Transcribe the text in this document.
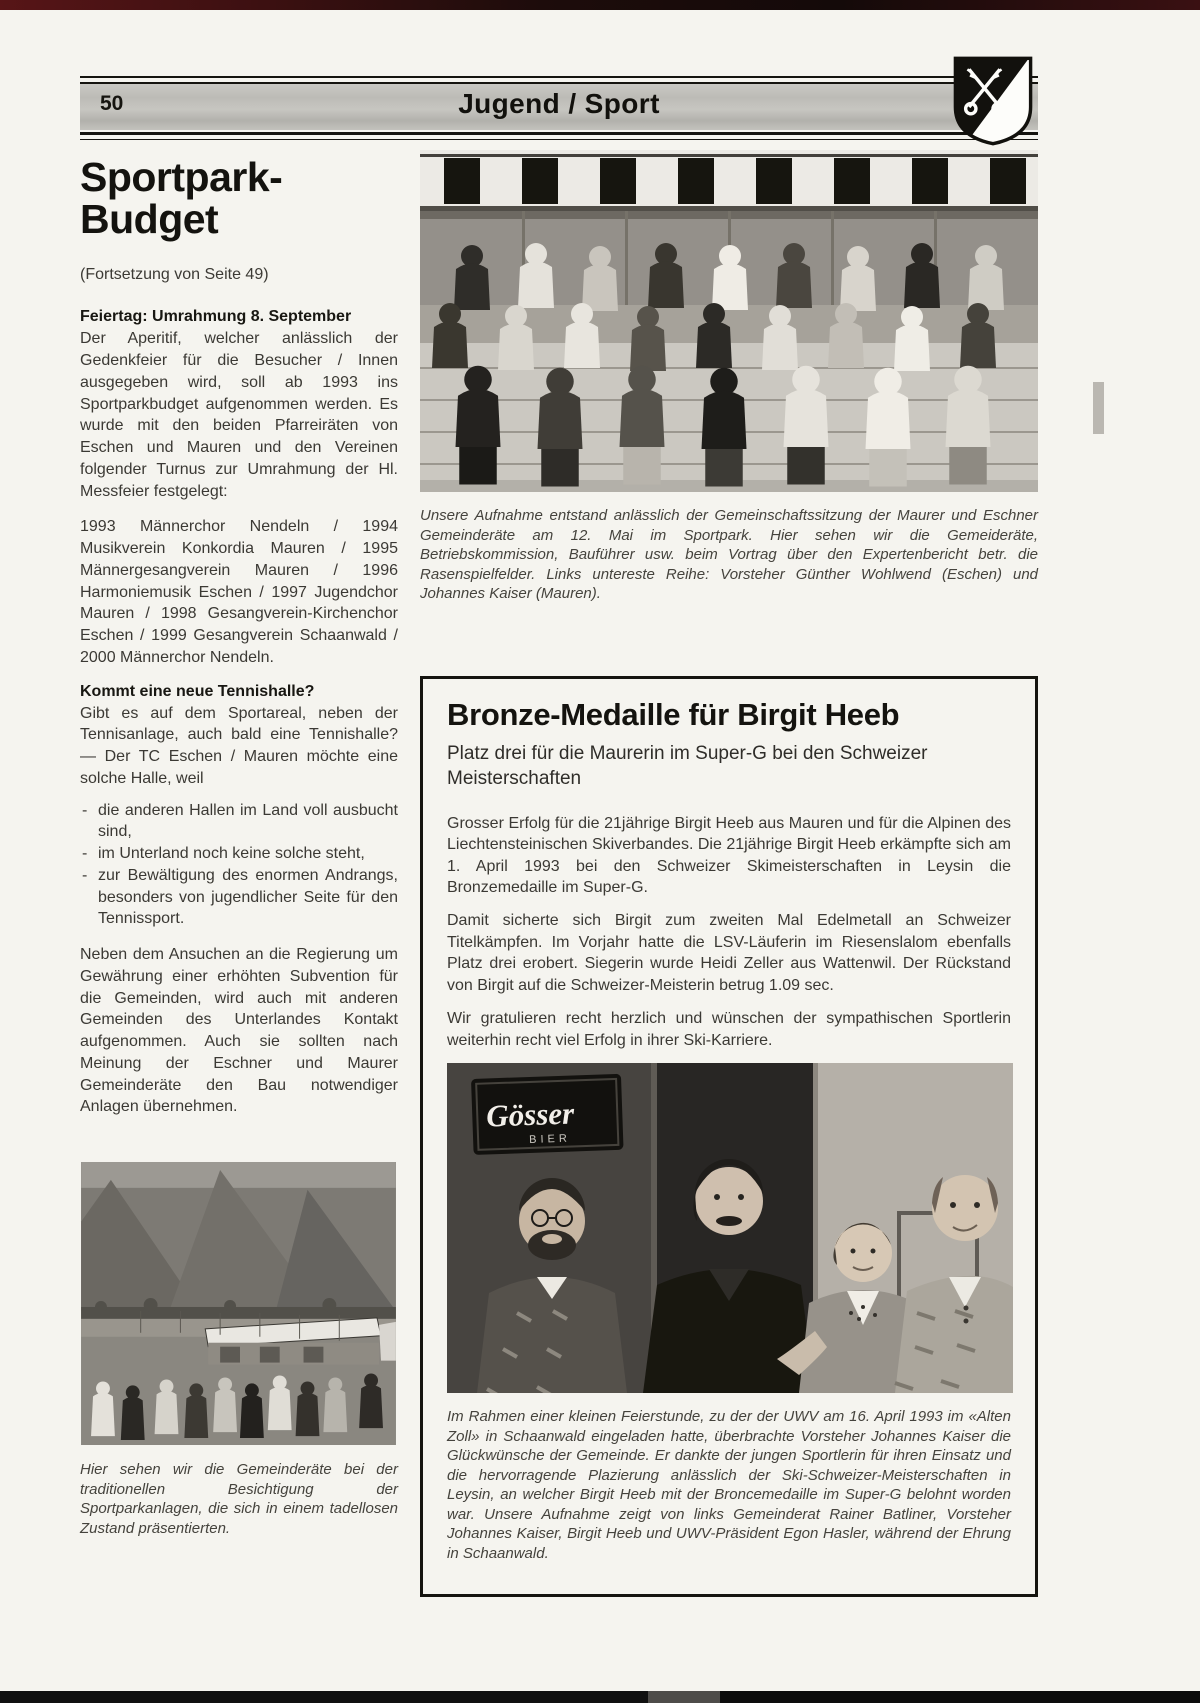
50	Jugend / Sport
Sportpark-Budget

(Fortsetzung von Seite 49)

Feiertag: Umrahmung 8. September

Der Aperitif, welcher anlässlich der Gedenkfeier für die Besucher / Innen ausgegeben wird, soll ab 1993 ins Sportparkbudget aufgenommen werden. Es wurde mit den beiden Pfarreiräten von Eschen und Mauren und den Vereinen folgender Turnus zur Umrahmung der Hl. Messfeier festgelegt:

1993 Männerchor Nendeln / 1994 Musikverein Konkordia Mauren / 1995 Männergesangverein Mauren / 1996 Harmoniemusik Eschen / 1997 Jugendchor Mauren / 1998 Gesangverein-Kirchenchor Eschen / 1999 Gesangverein Schaanwald / 2000 Männerchor Nendeln.

Kommt eine neue Tennishalle?

Gibt es auf dem Sportareal, neben der Tennisanlage, auch bald eine Tennishalle? — Der TC Eschen / Mauren möchte eine solche Halle, weil

- die anderen Hallen im Land voll ausbucht sind,
- im Unterland noch keine solche steht,
- zur Bewältigung des enormen Andrangs, besonders von jugendlicher Seite für den Tennissport.

Neben dem Ansuchen an die Regierung um Gewährung einer erhöhten Subvention für die Gemeinden, wird auch mit anderen Gemeinden des Unterlandes Kontakt aufgenommen. Auch sie sollten nach Meinung der Eschner und Maurer Gemeinderäte den Bau notwendiger Anlagen übernehmen.

Hier sehen wir die Gemeinderäte bei der traditionellen Besichtigung der Sportparkanlagen, die sich in einem tadellosen Zustand präsentierten.

Unsere Aufnahme entstand anlässlich der Gemeinschaftssitzung der Maurer und Eschner Gemeinderäte am 12. Mai im Sportpark. Hier sehen wir die Gemeideräte, Betriebskommission, Bauführer usw. beim Vortrag über den Expertenbericht betr. die Rasenspielfelder. Links untereste Reihe: Vorsteher Günther Wohlwend (Eschen) und Johannes Kaiser (Mauren).

Bronze-Medaille für Birgit Heeb

Platz drei für die Maurerin im Super-G bei den Schweizer Meisterschaften

Grosser Erfolg für die 21jährige Birgit Heeb aus Mauren und für die Alpinen des Liechtensteinischen Skiverbandes. Die 21jährige Birgit Heeb erkämpfte sich am 1. April 1993 bei den Schweizer Skimeisterschaften in Leysin die Bronzemedaille im Super-G.

Damit sicherte sich Birgit zum zweiten Mal Edelmetall an Schweizer Titelkämpfen. Im Vorjahr hatte die LSV-Läuferin im Riesenslalom ebenfalls Platz drei erobert. Siegerin wurde Heidi Zeller aus Wattenwil. Der Rückstand von Birgit auf die Schweizer-Meisterin betrug 1.09 sec.

Wir gratulieren recht herzlich und wünschen der sympathischen Sportlerin weiterhin recht viel Erfolg in ihrer Ski-Karriere.

Gösser
BIER

Im Rahmen einer kleinen Feierstunde, zu der der UWV am 16. April 1993 im «Alten Zoll» in Schaanwald eingeladen hatte, überbrachte Vorsteher Johannes Kaiser die Glückwünsche der Gemeinde. Er dankte der jungen Sportlerin für ihren Einsatz und die hervorragende Plazierung anlässlich der Ski-Schweizer-Meisterschaften in Leysin, an welcher Birgit Heeb mit der Broncemedaille im Super-G belohnt worden war. Unsere Aufnahme zeigt von links Gemeinderat Rainer Batliner, Vorsteher Johannes Kaiser, Birgit Heeb und UWV-Präsident Egon Hasler, während der Ehrung in Schaanwald.
